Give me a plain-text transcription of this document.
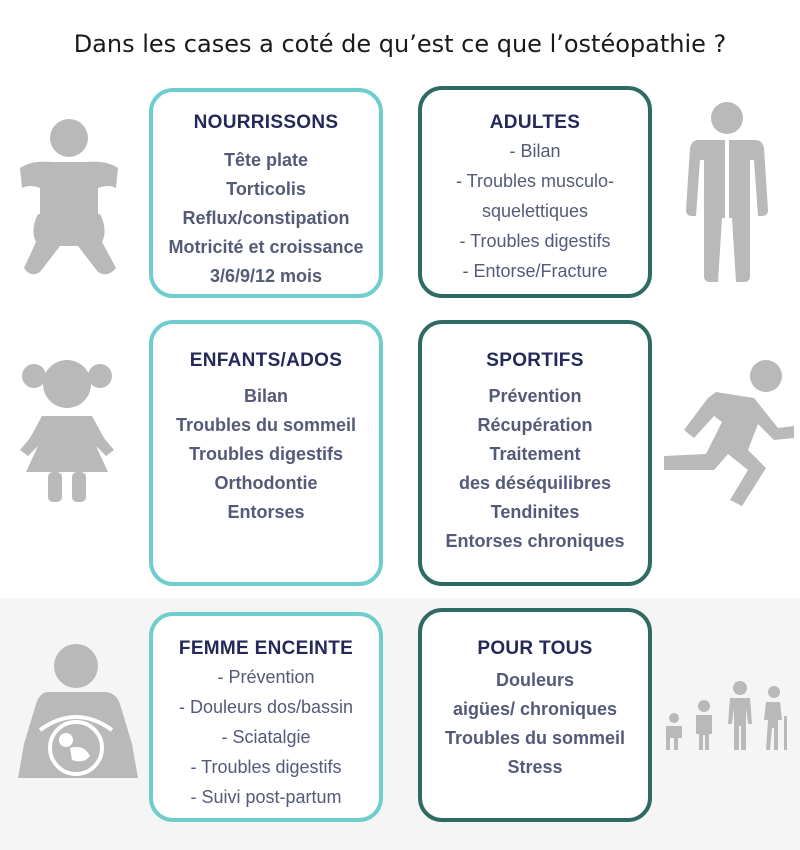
Dans les cases a coté de qu’est ce que l’ostéopathie ?
NOURRISSONS
Tête plate
Torticolis
Reflux/constipation
Motricité et croissance
3/6/9/12 mois
ADULTES
- Bilan
- Troubles musculo-
squelettiques
- Troubles digestifs
- Entorse/Fracture
ENFANTS/ADOS
Bilan
Troubles du sommeil
Troubles digestifs
Orthodontie
Entorses
SPORTIFS
Prévention
Récupération
Traitement
des déséquilibres
Tendinites
Entorses chroniques
FEMME ENCEINTE
- Prévention
- Douleurs dos/bassin
- Sciatalgie
- Troubles digestifs
- Suivi post-partum
POUR TOUS
Douleurs
aigües/ chroniques
Troubles du sommeil
Stress
